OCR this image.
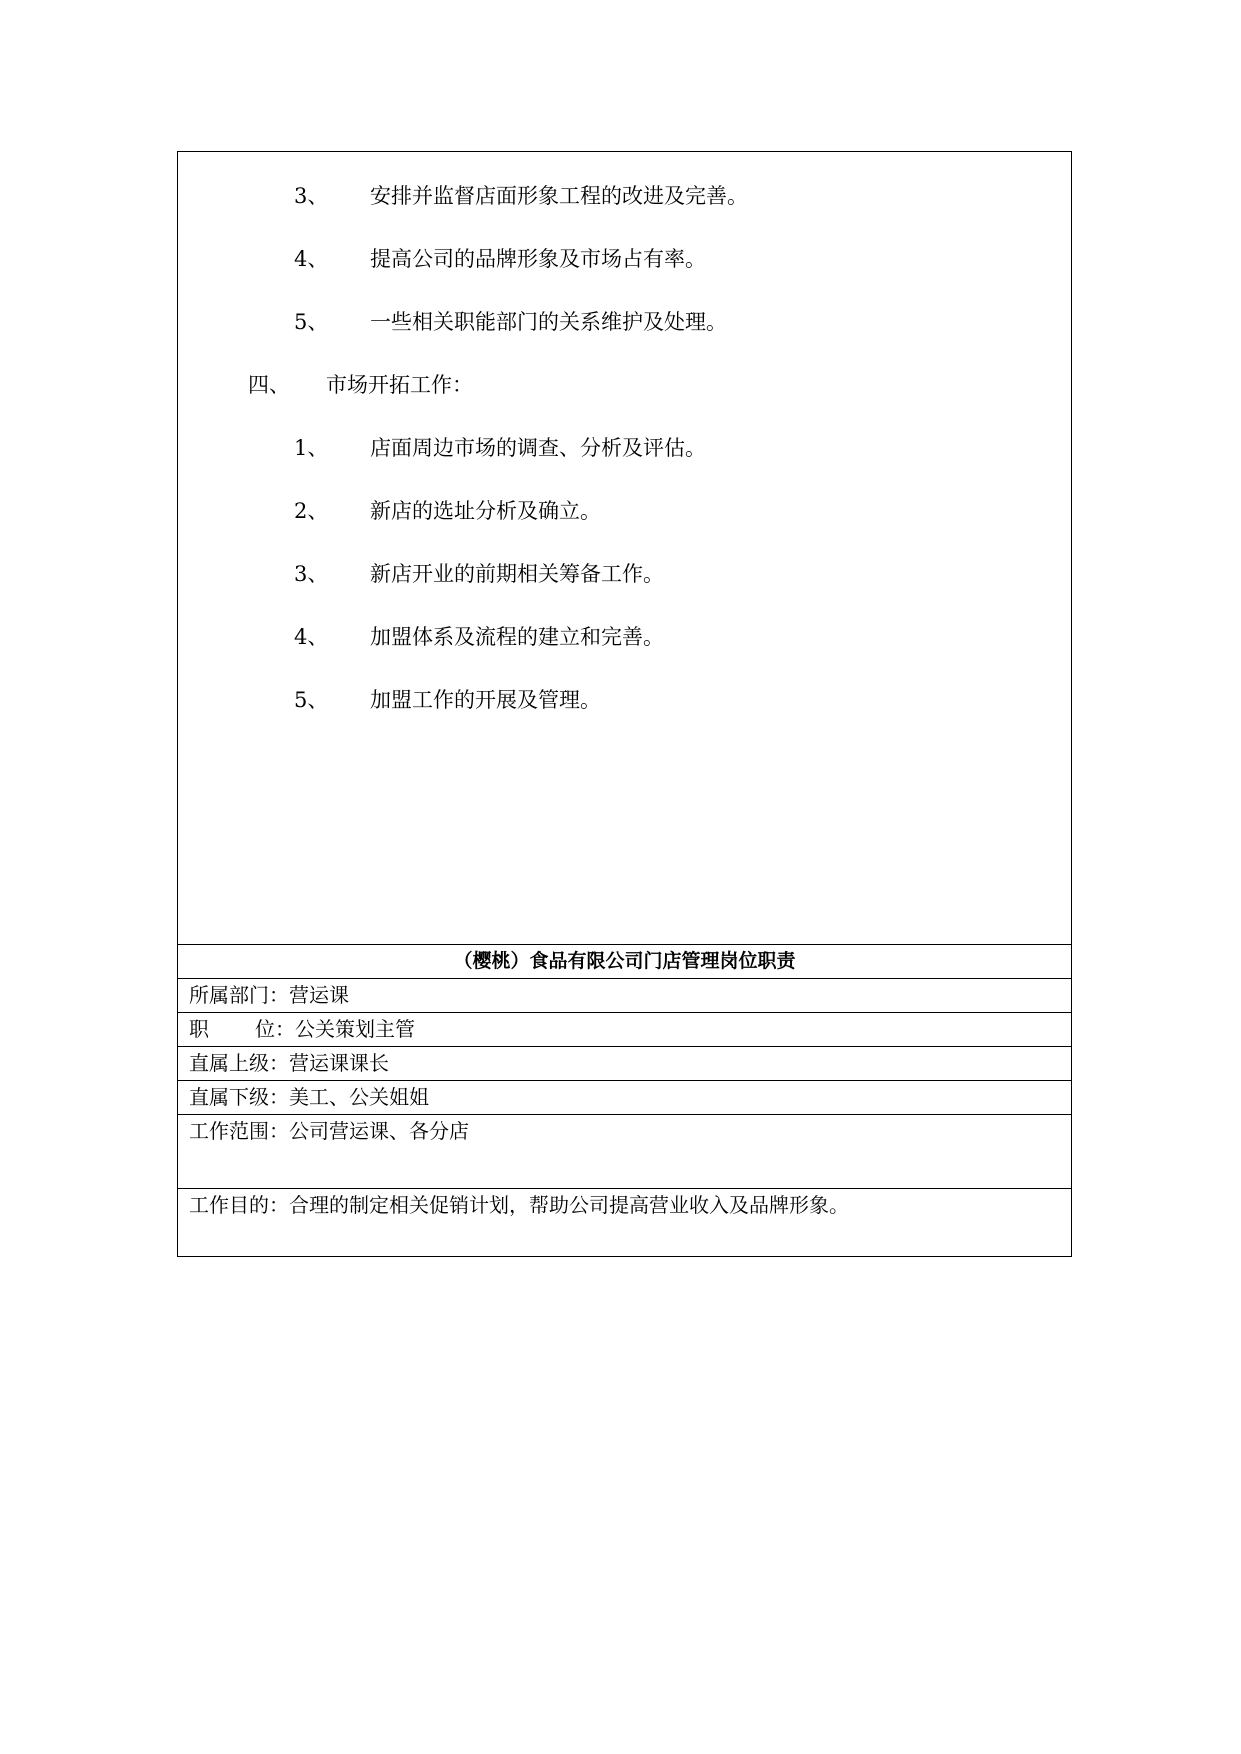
3、 安排并监督店面形象工程的改进及完善。
4、 提高公司的品牌形象及市场占有率。
5、 一些相关职能部门的关系维护及处理。
四、 市场开拓工作：
1、 店面周边市场的调查、分析及评估。
2、 新店的选址分析及确立。
3、 新店开业的前期相关筹备工作。
4、 加盟体系及流程的建立和完善。
5、 加盟工作的开展及管理。
（樱桃）食品有限公司门店管理岗位职责
所属部门：营运课
职 位：公关策划主管
直属上级：营运课课长
直属下级：美工、公关姐姐
工作范围：公司营运课、各分店
工作目的：合理的制定相关促销计划，帮助公司提高营业收入及品牌形象。
